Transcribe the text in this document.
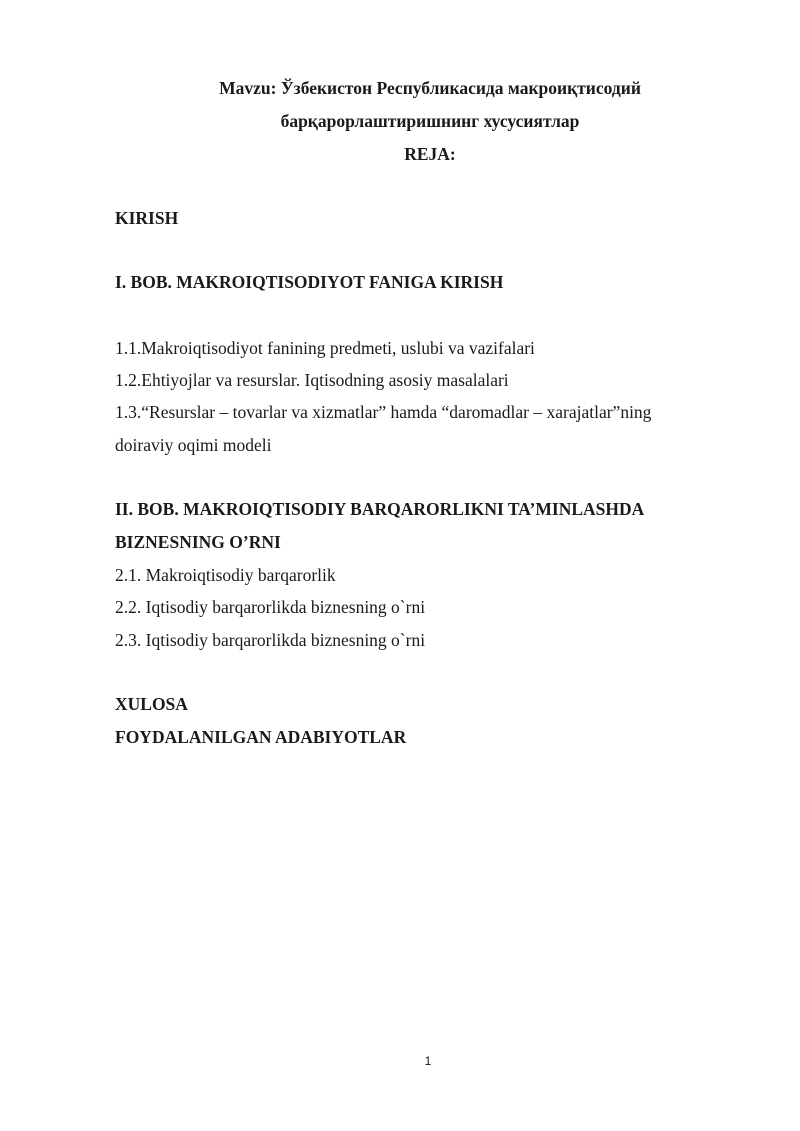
Mavzu: Ўзбекистон Республикасида макроиқтисодий
барқарорлаштиришнинг хусусиятлар
REJA:
KIRISH
I. BOB. MAKROIQTISODIYOT FANIGA KIRISH
1.1.Makroiqtisodiyot fanining predmeti, uslubi va vazifalari
1.2.Ehtiyojlar va resurslar. Iqtisodning asosiy masalalari
1.3.“Resurslar – tovarlar va xizmatlar” hamda “daromadlar – xarajatlar”ning
doiraviy oqimi modeli
II. BOB. MAKROIQTISODIY BARQARORLIKNI TA’MINLASHDA
BIZNESNING O’RNI
2.1. Makroiqtisodiy barqarorlik
2.2. Iqtisodiy barqarorlikda biznesning o`rni
2.3. Iqtisodiy barqarorlikda biznesning o`rni
XULOSA
FOYDALANILGAN ADABIYOTLAR
1
